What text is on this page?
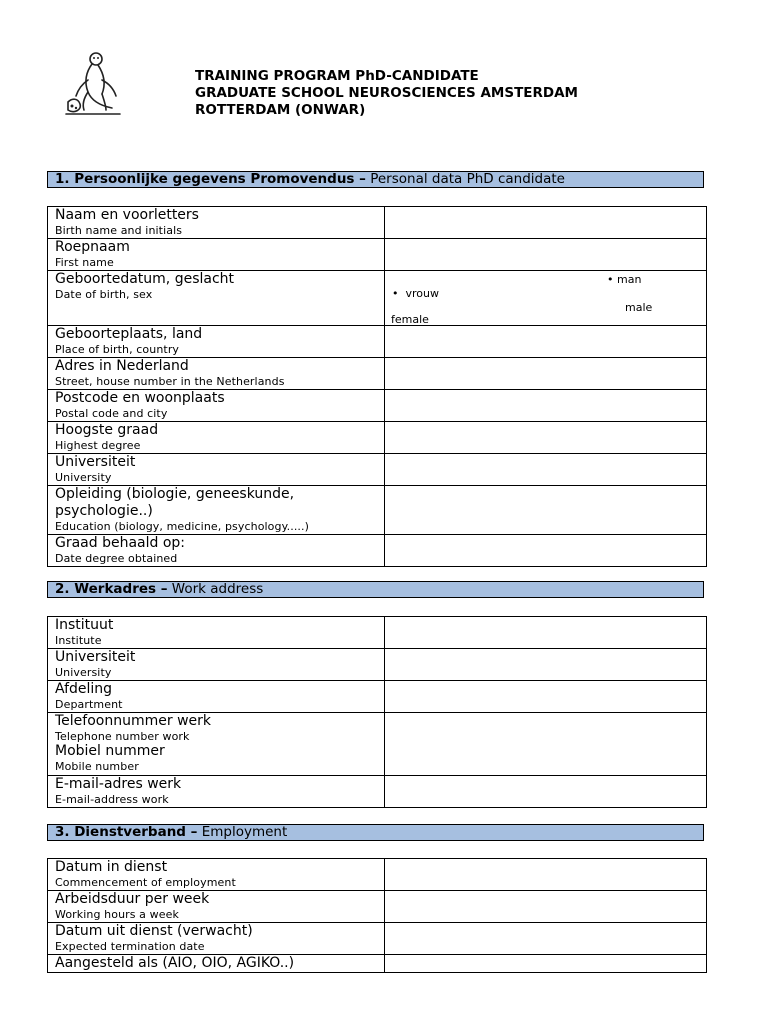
TRAINING PROGRAM PhD-CANDIDATE
GRADUATE SCHOOL NEUROSCIENCES AMSTERDAM
ROTTERDAM (ONWAR)
1. Persoonlijke gegevens Promovendus – Personal data PhD candidate
Naam en voorletters
Birth name and initials	

Roepnaam
First name	

Geboortedatum, geslacht
Date of birth, sex	• man
male
•  vrouw
female

Geboorteplaats, land
Place of birth, country	

Adres in Nederland
Street, house number in the Netherlands	

Postcode en woonplaats
Postal code and city	

Hoogste graad
Highest degree	

Universiteit
University	

Opleiding (biologie, geneeskunde, psychologie..)
Education (biology, medicine, psychology.....)	

Graad behaald op:
Date degree obtained	

2. Werkadres – Work address
Instituut
Institute	

Universiteit
University	

Afdeling
Department	

Telefoonnummer werk
Telephone number work
Mobiel nummer
Mobile number	

E-mail-adres werk
E-mail-address work	

3. Dienstverband – Employment
Datum in dienst
Commencement of employment	

Arbeidsduur per week
Working hours a week	

Datum uit dienst (verwacht)
Expected termination date	

Aangesteld als (AIO, OIO, AGIKO..)	
